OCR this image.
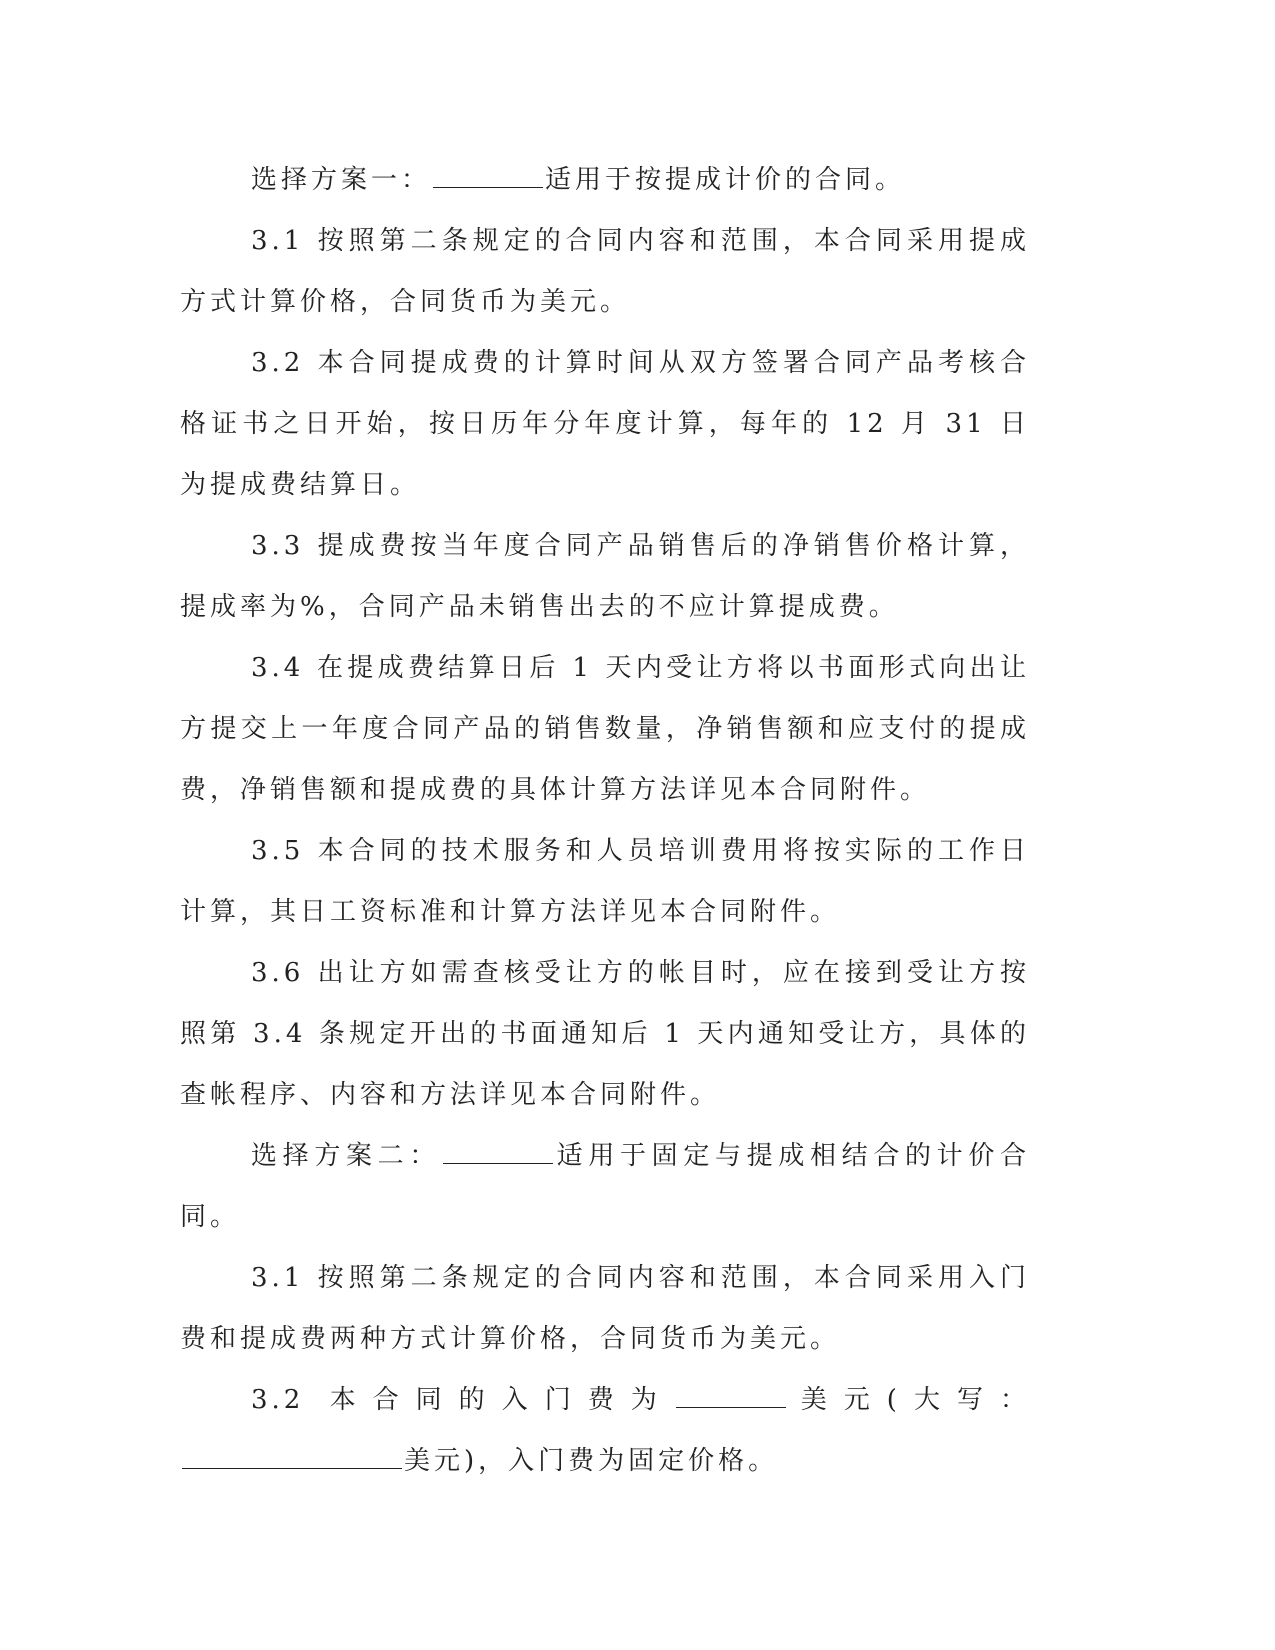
选择方案一：	适用于按提成计价的合同。

3.1 按照第二条规定的合同内容和范围，本合同采用提成方式计算价格，合同货币为美元。

3.2 本合同提成费的计算时间从双方签署合同产品考核合格证书之日开始，按日历年分年度计算，每年的 12 月 31 日为提成费结算日。

3.3 提成费按当年度合同产品销售后的净销售价格计算，提成率为%，合同产品未销售出去的不应计算提成费。

3.4 在提成费结算日后 1 天内受让方将以书面形式向出让方提交上一年度合同产品的销售数量，净销售额和应支付的提成费，净销售额和提成费的具体计算方法详见本合同附件。

3.5 本合同的技术服务和人员培训费用将按实际的工作日计算，其日工资标准和计算方法详见本合同附件。

3.6 出让方如需查核受让方的帐目时，应在接到受让方按照第 3.4 条规定开出的书面通知后 1 天内通知受让方，具体的查帐程序、内容和方法详见本合同附件。

选择方案二：	适用于固定与提成相结合的计价合同。

3.1 按照第二条规定的合同内容和范围，本合同采用入门费和提成费两种方式计算价格，合同货币为美元。

3.2 本合同的入门费为	美元(大写：美元)，入门费为固定价格。
